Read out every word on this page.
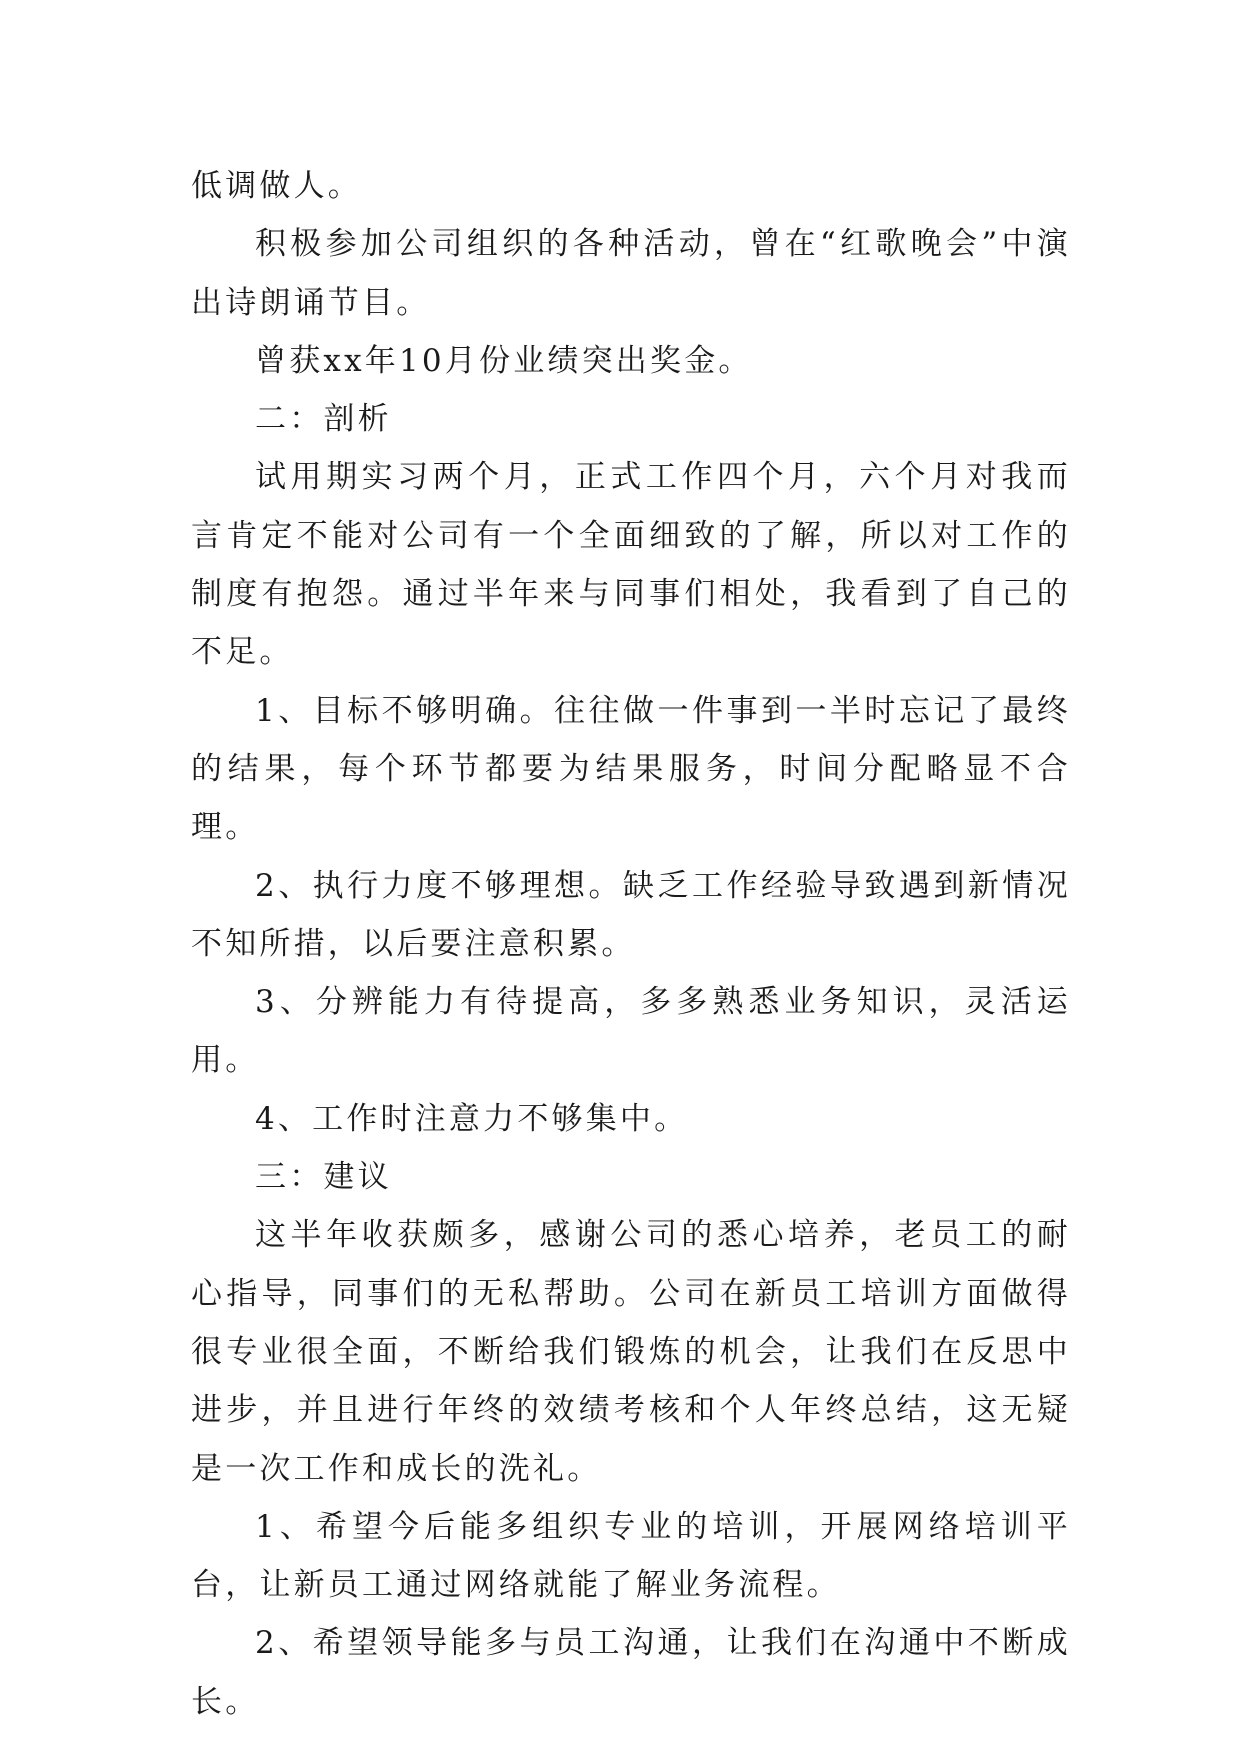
低调做人。

积极参加公司组织的各种活动，曾在“红歌晚会”中演出诗朗诵节目。

曾获xx年10月份业绩突出奖金。

二：剖析

试用期实习两个月，正式工作四个月，六个月对我而言肯定不能对公司有一个全面细致的了解，所以对工作的制度有抱怨。通过半年来与同事们相处，我看到了自己的不足。

1、目标不够明确。往往做一件事到一半时忘记了最终的结果，每个环节都要为结果服务，时间分配略显不合理。

2、执行力度不够理想。缺乏工作经验导致遇到新情况不知所措，以后要注意积累。

3、分辨能力有待提高，多多熟悉业务知识，灵活运用。

4、工作时注意力不够集中。

三：建议

这半年收获颇多，感谢公司的悉心培养，老员工的耐心指导，同事们的无私帮助。公司在新员工培训方面做得很专业很全面，不断给我们锻炼的机会，让我们在反思中进步，并且进行年终的效绩考核和个人年终总结，这无疑是一次工作和成长的洗礼。

1、希望今后能多组织专业的培训，开展网络培训平台，让新员工通过网络就能了解业务流程。

2、希望领导能多与员工沟通，让我们在沟通中不断成长。
